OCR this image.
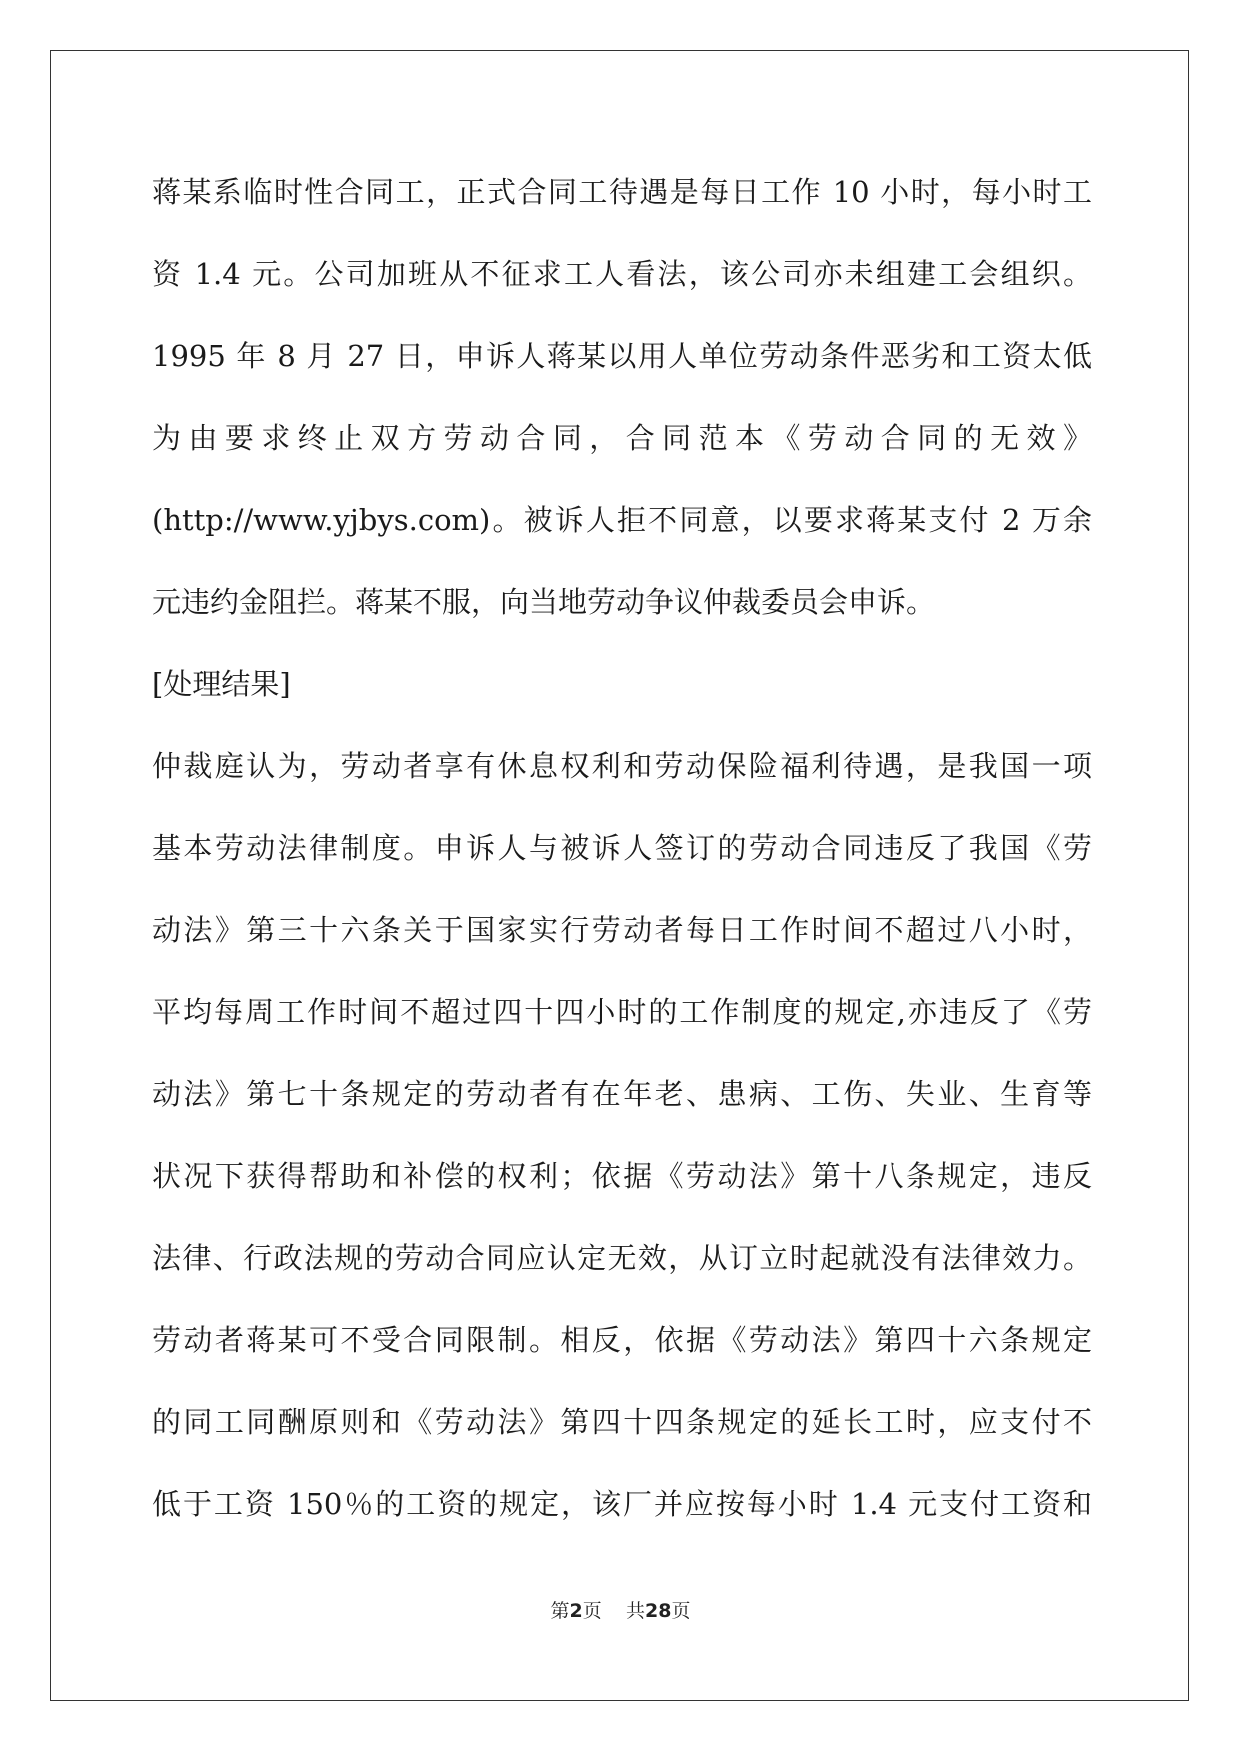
蒋某系临时性合同工，正式合同工待遇是每日工作 10 小时，每小时工
资 1.4 元。公司加班从不征求工人看法，该公司亦未组建工会组织。
1995 年 8 月 27 日，申诉人蒋某以用人单位劳动条件恶劣和工资太低
为由要求终止双方劳动合同，合同范本《劳动合同的无效》
(http://www.yjbys.com)。被诉人拒不同意，以要求蒋某支付 2 万余
元违约金阻拦。蒋某不服，向当地劳动争议仲裁委员会申诉。
[处理结果]
仲裁庭认为，劳动者享有休息权利和劳动保险福利待遇，是我国一项
基本劳动法律制度。申诉人与被诉人签订的劳动合同违反了我国《劳
动法》第三十六条关于国家实行劳动者每日工作时间不超过八小时，
平均每周工作时间不超过四十四小时的工作制度的规定,亦违反了《劳
动法》第七十条规定的劳动者有在年老、患病、工伤、失业、生育等
状况下获得帮助和补偿的权利；依据《劳动法》第十八条规定，违反
法律、行政法规的劳动合同应认定无效，从订立时起就没有法律效力。
劳动者蒋某可不受合同限制。相反，依据《劳动法》第四十六条规定
的同工同酬原则和《劳动法》第四十四条规定的延长工时，应支付不
低于工资 150％的工资的规定，该厂并应按每小时 1.4 元支付工资和
第2页 共28页
